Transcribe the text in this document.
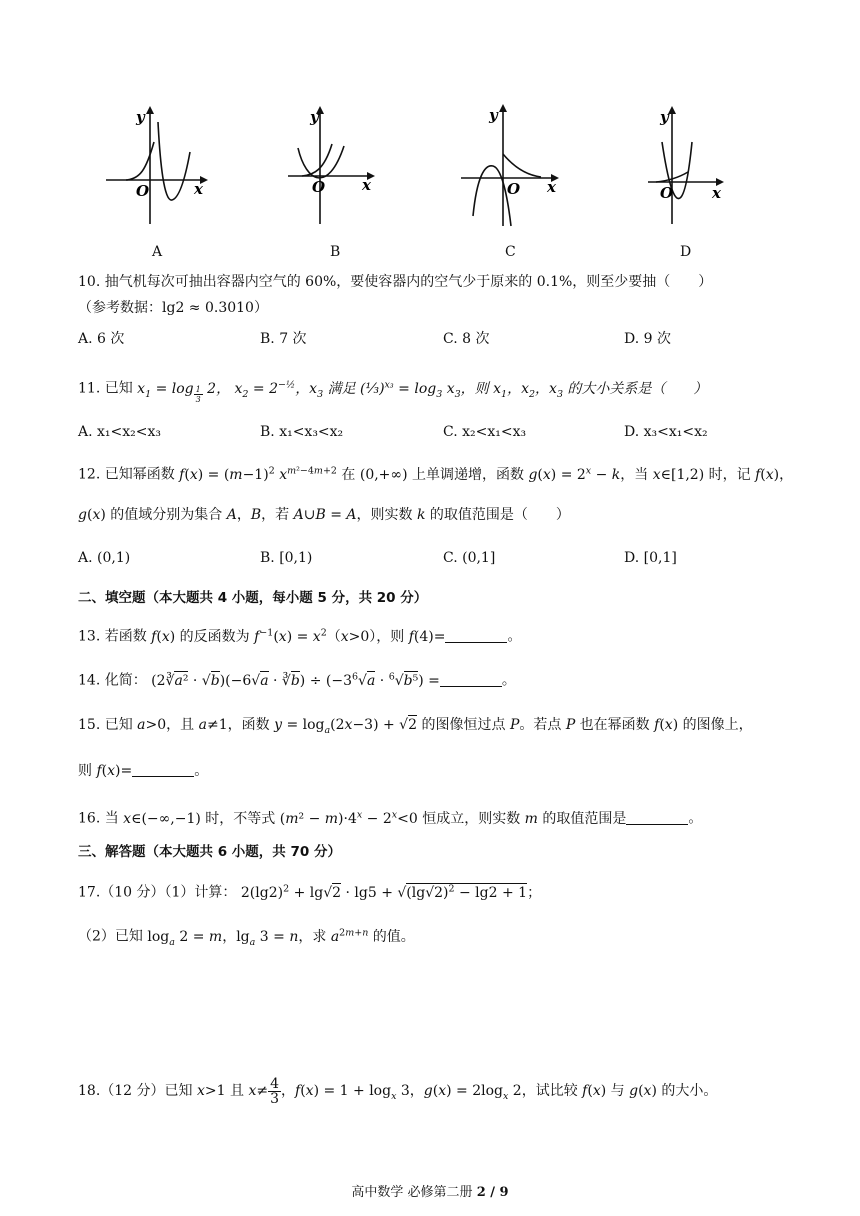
y
x
O
A
y
x
O
B
y
x
O
C
y
x
O
D
10. 抽气机每次可抽出容器内空气的 60%，要使容器内的空气少于原来的 0.1%，则至少要抽（　　）
（参考数据：lg2 ≈ 0.3010）
A. 6 次	B. 7 次	C. 8 次	D. 9 次
11. 已知 $x_1 = \log _{\frac{1}{3}}$ 2， $x_2 = 2^{-\frac{1}{2}}$，$x_3$ 满足 (⅓)$^{x_3}$ = $\log_3 x_3$，则 $x_1$，$x_2$，$x_3$ 的大小关系是（　　）
A. x₁<x₂<x₃	B. x₁<x₃<x₂	C. x₂<x₁<x₃	D. x₃<x₁<x₂
12. 已知幂函数 $f(x) = (m-1)^2$ $x^{m^2-4m+2}$ 在 (0,+∞) 上单调递增，函数 $g(x) = 2^x - k$，当 x∈[1,2) 时，记 f(x)，
g(x) 的值域分别为集合 A，B，若 A∪B = A，则实数 k 的取值范围是（　　）
A. (0,1)	B. [0,1)	C. (0,1]	D. [0,1]
二、填空题（本大题共 4 小题，每小题 5 分，共 20 分）
13. 若函数 f(x) 的反函数为 $f^{-1}(x) = x^2(x>0)$，则 f(4)=	。
14. 化简： (2∛a² · √b)(−6√a · ∛b) ÷ $(-3^6√a \cdot ^6√b^5)$ =	。
15. 已知 a>0，且 a≠1，函数 $y = \log_a(2x-3) + √2$ 的图像恒过点 P。若点 P 也在幂函数 f(x) 的图像上，
则 f(x)=	。
16. 当 x∈(−∞,−1) 时，不等式 $(m^2 - m)\cdot 4^x - 2^x<0$ 恒成立，则实数 m 的取值范围是	。
三、解答题（本大题共 6 小题，共 70 分）
17.（10 分）（1）计算： $2(\lg 2)^2 + \lg√2 \cdot \lg 5 + √(\lg√2)^2 - \lg 2 + 1$；
（2）已知 $\log_a 2 = m$，$\lg_a 3 = n$，求 $a^{2m+n}$ 的值。
18.（12 分）已知 x>1 且 $x\ne \frac{4}{3}$ ，$f(x) = 1 + \log_x 3$，$g(x) = 2\log_x$ 2，试比较 f(x) 与 g(x) 的大小。
高中数学 必修第二册 2 / 9
